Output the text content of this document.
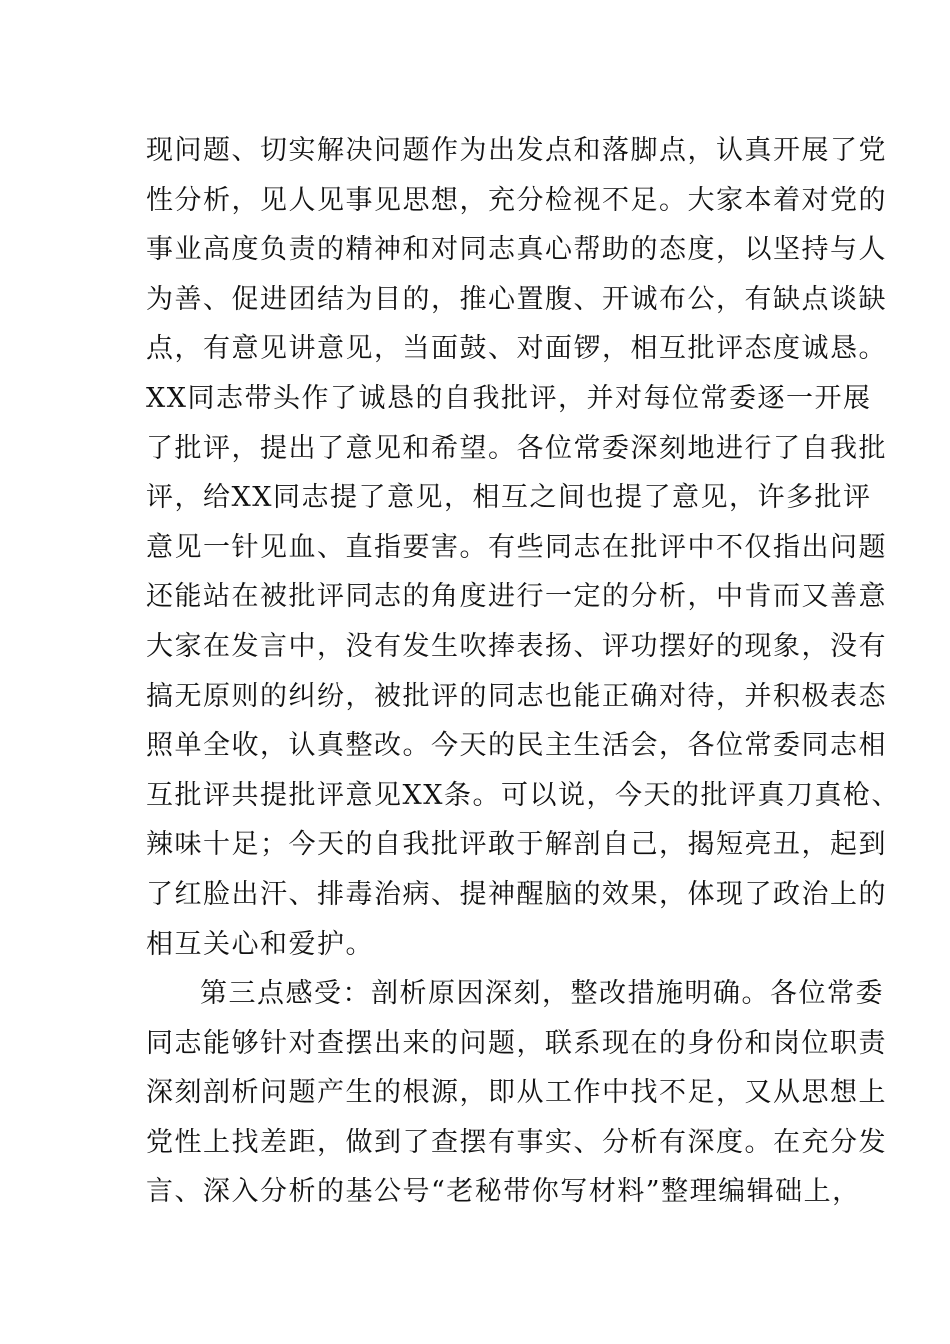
现问题、切实解决问题作为出发点和落脚点，认真开展了党
性分析，见人见事见思想，充分检视不足。大家本着对党的
事业高度负责的精神和对同志真心帮助的态度，以坚持与人
为善、促进团结为目的，推心置腹、开诚布公，有缺点谈缺
点，有意见讲意见，当面鼓、对面锣，相互批评态度诚恳。
XX同志带头作了诚恳的自我批评，并对每位常委逐一开展
了批评，提出了意见和希望。各位常委深刻地进行了自我批
评，给XX同志提了意见，相互之间也提了意见，许多批评
意见一针见血、直指要害。有些同志在批评中不仅指出问题
还能站在被批评同志的角度进行一定的分析，中肯而又善意
大家在发言中，没有发生吹捧表扬、评功摆好的现象，没有
搞无原则的纠纷，被批评的同志也能正确对待，并积极表态
照单全收，认真整改。今天的民主生活会，各位常委同志相
互批评共提批评意见XX条。可以说，今天的批评真刀真枪、
辣味十足；今天的自我批评敢于解剖自己，揭短亮丑，起到
了红脸出汗、排毒治病、提神醒脑的效果，体现了政治上的
相互关心和爱护。
第三点感受：剖析原因深刻，整改措施明确。各位常委
同志能够针对查摆出来的问题，联系现在的身份和岗位职责
深刻剖析问题产生的根源，即从工作中找不足，又从思想上
党性上找差距，做到了查摆有事实、分析有深度。在充分发
言、深入分析的基公号“老秘带你写材料”整理编辑础上，
